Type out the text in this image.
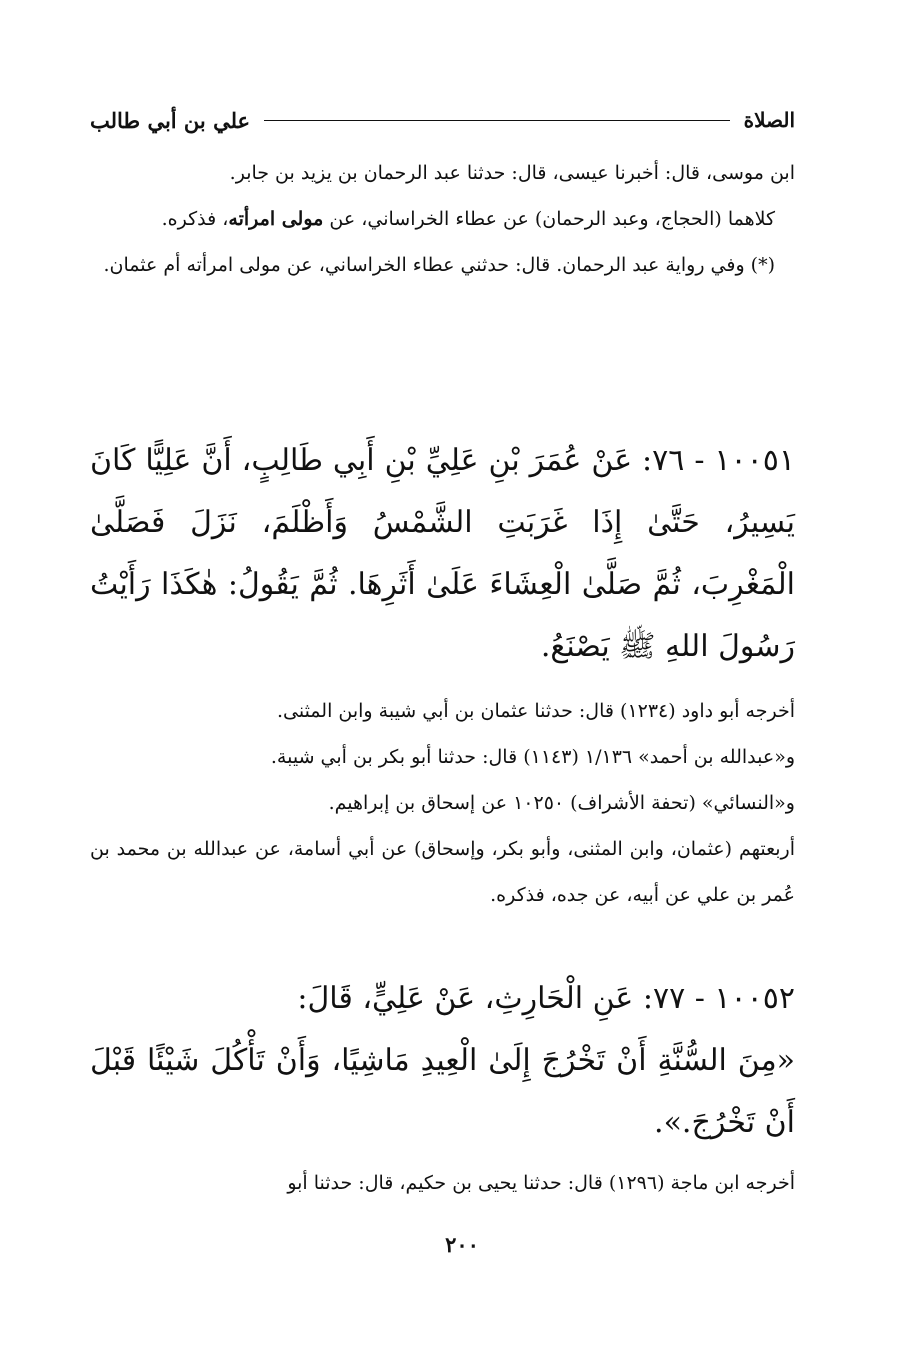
الصلاة
علي بن أبي طالب

ابن موسى، قال: أخبرنا عيسى، قال: حدثنا عبد الرحمان بن يزيد بن جابر.

كلاهما (الحجاج، وعبد الرحمان) عن عطاء الخراساني، عن مولى امرأته، فذكره.

(*) وفي رواية عبد الرحمان. قال: حدثني عطاء الخراساني، عن مولى امرأته أم عثمان.

١٠٠٥١ - ٧٦: عَنْ عُمَرَ بْنِ عَلِيِّ بْنِ أَبِي طَالِبٍ، أَنَّ عَلِيًّا كَانَ يَسِيرُ، حَتَّىٰ إِذَا غَرَبَتِ الشَّمْسُ وَأَظْلَمَ، نَزَلَ فَصَلَّىٰ الْمَغْرِبَ، ثُمَّ صَلَّىٰ الْعِشَاءَ عَلَىٰ أَثَرِهَا. ثُمَّ يَقُولُ: هٰكَذَا رَأَيْتُ رَسُولَ اللهِ ﷺ يَصْنَعُ.

أخرجه أبو داود (١٢٣٤) قال: حدثنا عثمان بن أبي شيبة وابن المثنى.

و«عبدالله بن أحمد» ١/١٣٦ (١١٤٣) قال: حدثنا أبو بكر بن أبي شيبة.

و«النسائي» (تحفة الأشراف) ١٠٢٥٠ عن إسحاق بن إبراهيم.

أربعتهم (عثمان، وابن المثنى، وأبو بكر، وإسحاق) عن أبي أسامة، عن عبدالله بن محمد بن عُمر بن علي عن أبيه، عن جده، فذكره.

١٠٠٥٢ - ٧٧: عَنِ الْحَارِثِ، عَنْ عَلِيٍّ، قَالَ:

«مِنَ السُّنَّةِ أَنْ تَخْرُجَ إِلَىٰ الْعِيدِ مَاشِيًا، وَأَنْ تَأْكُلَ شَيْئًا قَبْلَ أَنْ تَخْرُجَ.».

أخرجه ابن ماجة (١٢٩٦) قال: حدثنا يحيى بن حكيم، قال: حدثنا أبو

٢٠٠
